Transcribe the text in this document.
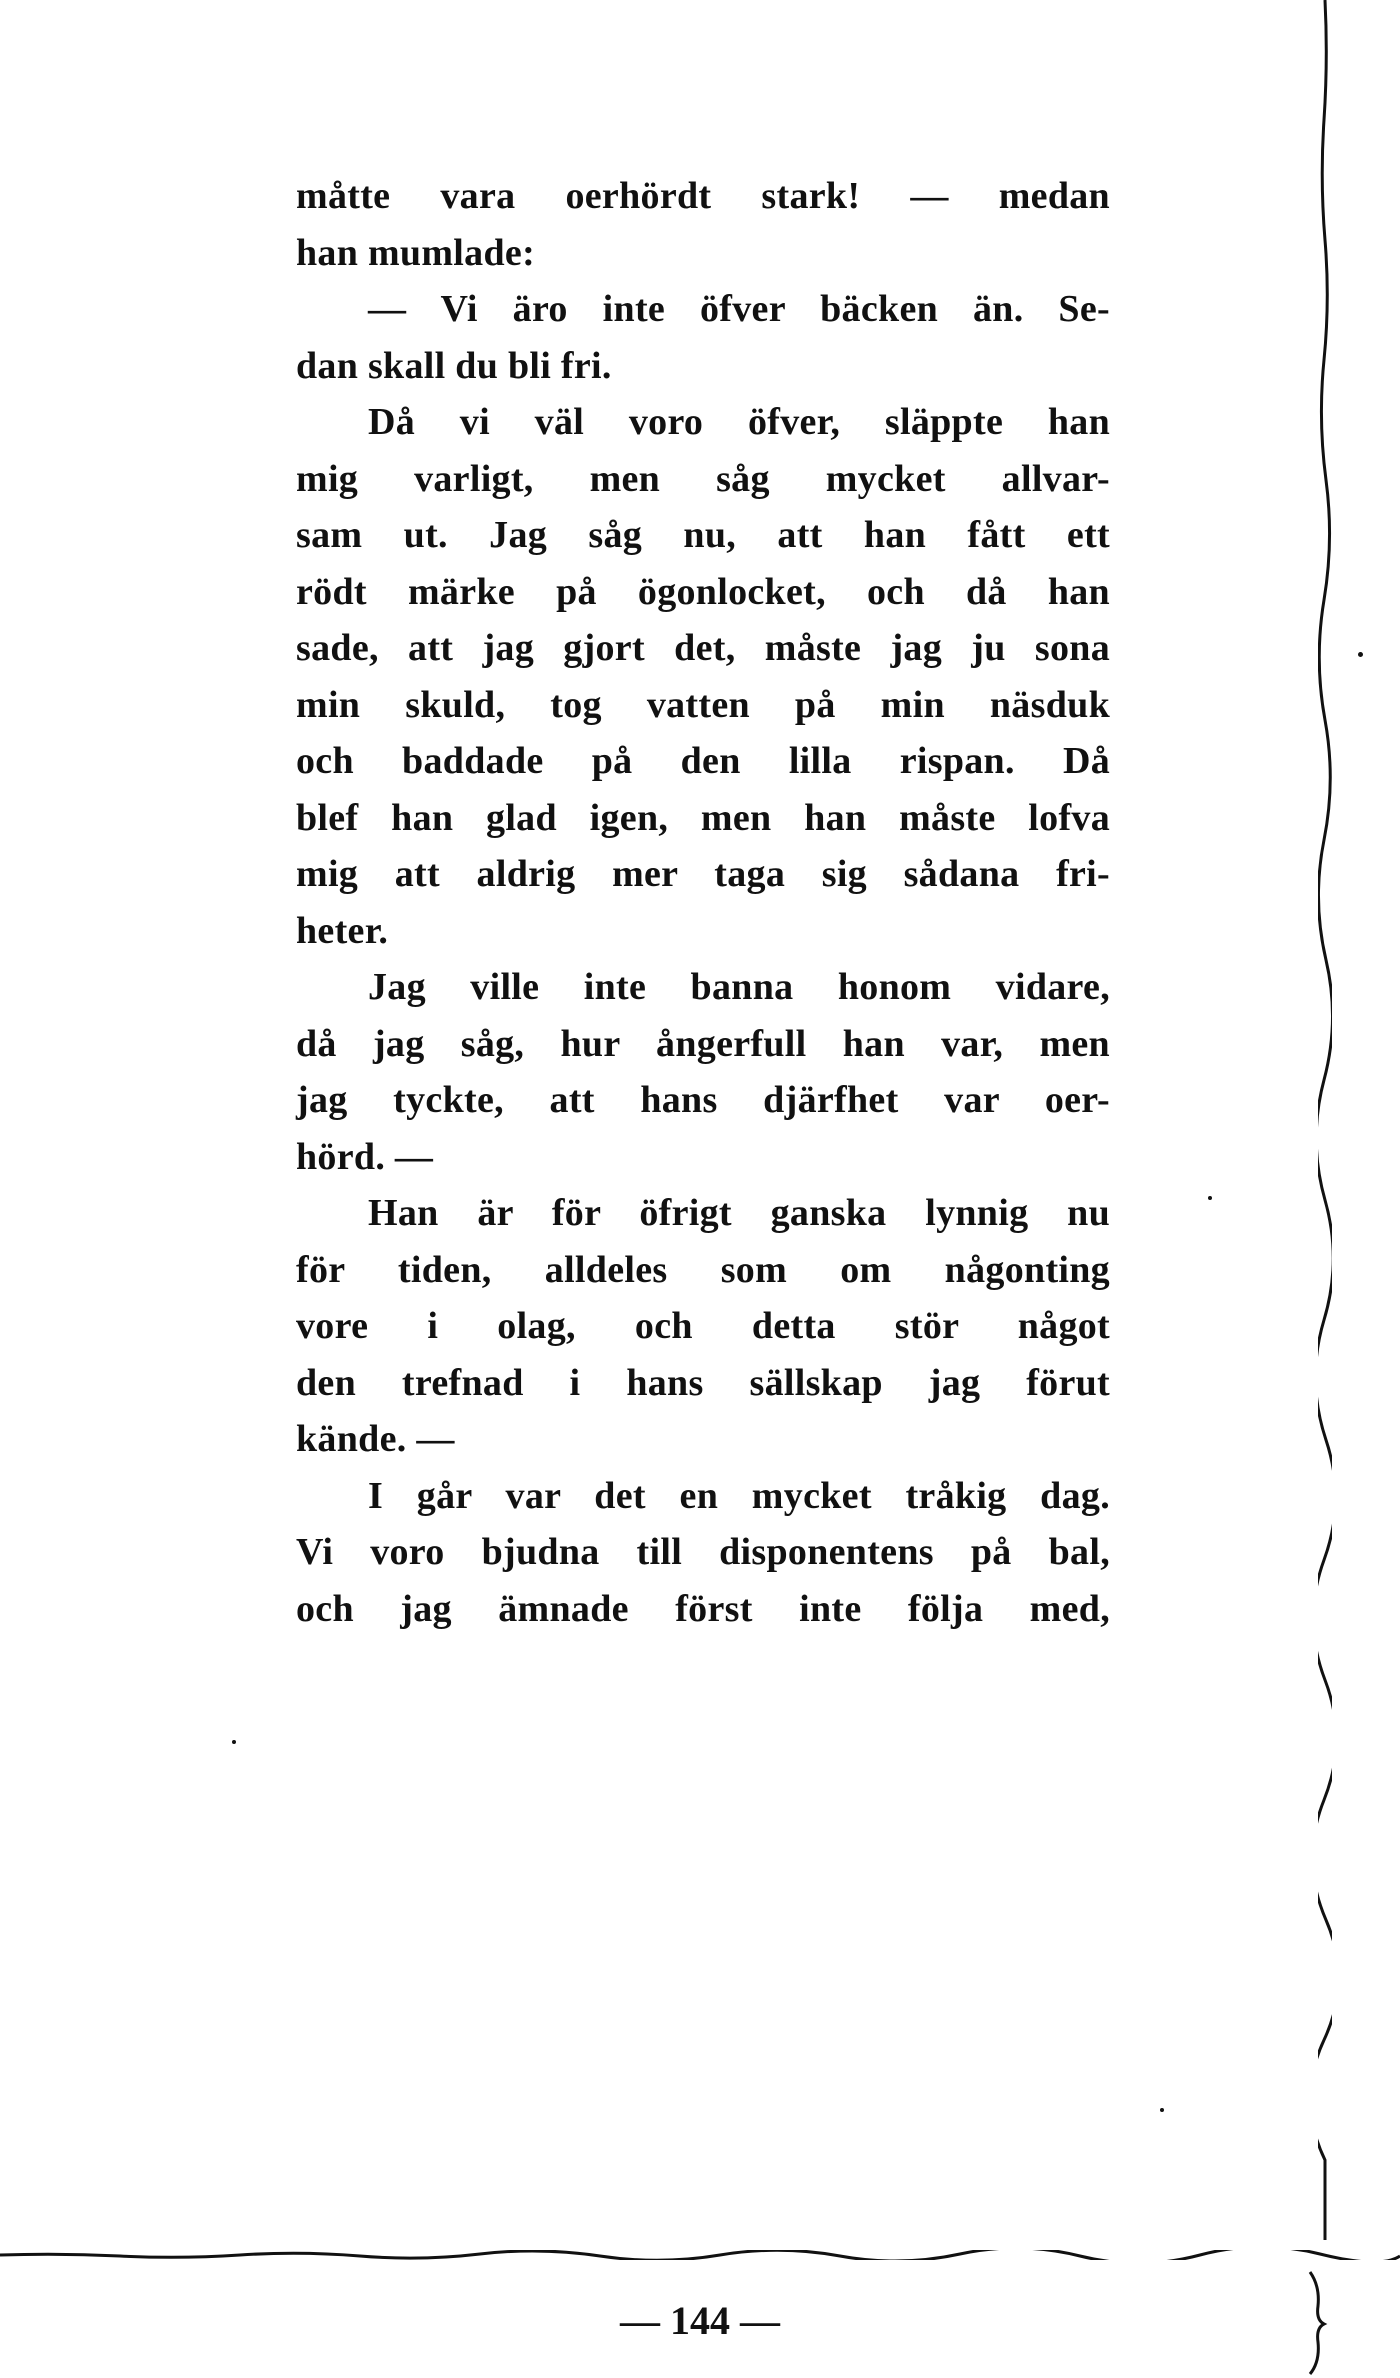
måtte vara oerhördt stark! — medan
han mumlade:
— Vi äro inte öfver bäcken än. Se-
dan skall du bli fri.
Då vi väl voro öfver, släppte han
mig varligt, men såg mycket allvar-
sam ut. Jag såg nu, att han fått ett
rödt märke på ögonlocket, och då han
sade, att jag gjort det, måste jag ju sona
min skuld, tog vatten på min näsduk
och baddade på den lilla rispan. Då
blef han glad igen, men han måste lofva
mig att aldrig mer taga sig sådana fri-
heter.
Jag ville inte banna honom vidare,
då jag såg, hur ångerfull han var, men
jag tyckte, att hans djärfhet var oer-
hörd. —
Han är för öfrigt ganska lynnig nu
för tiden, alldeles som om någonting
vore i olag, och detta stör något
den trefnad i hans sällskap jag förut
kände. —
I går var det en mycket tråkig dag.
Vi voro bjudna till disponentens på bal,
och jag ämnade först inte följa med,
— 144 —
